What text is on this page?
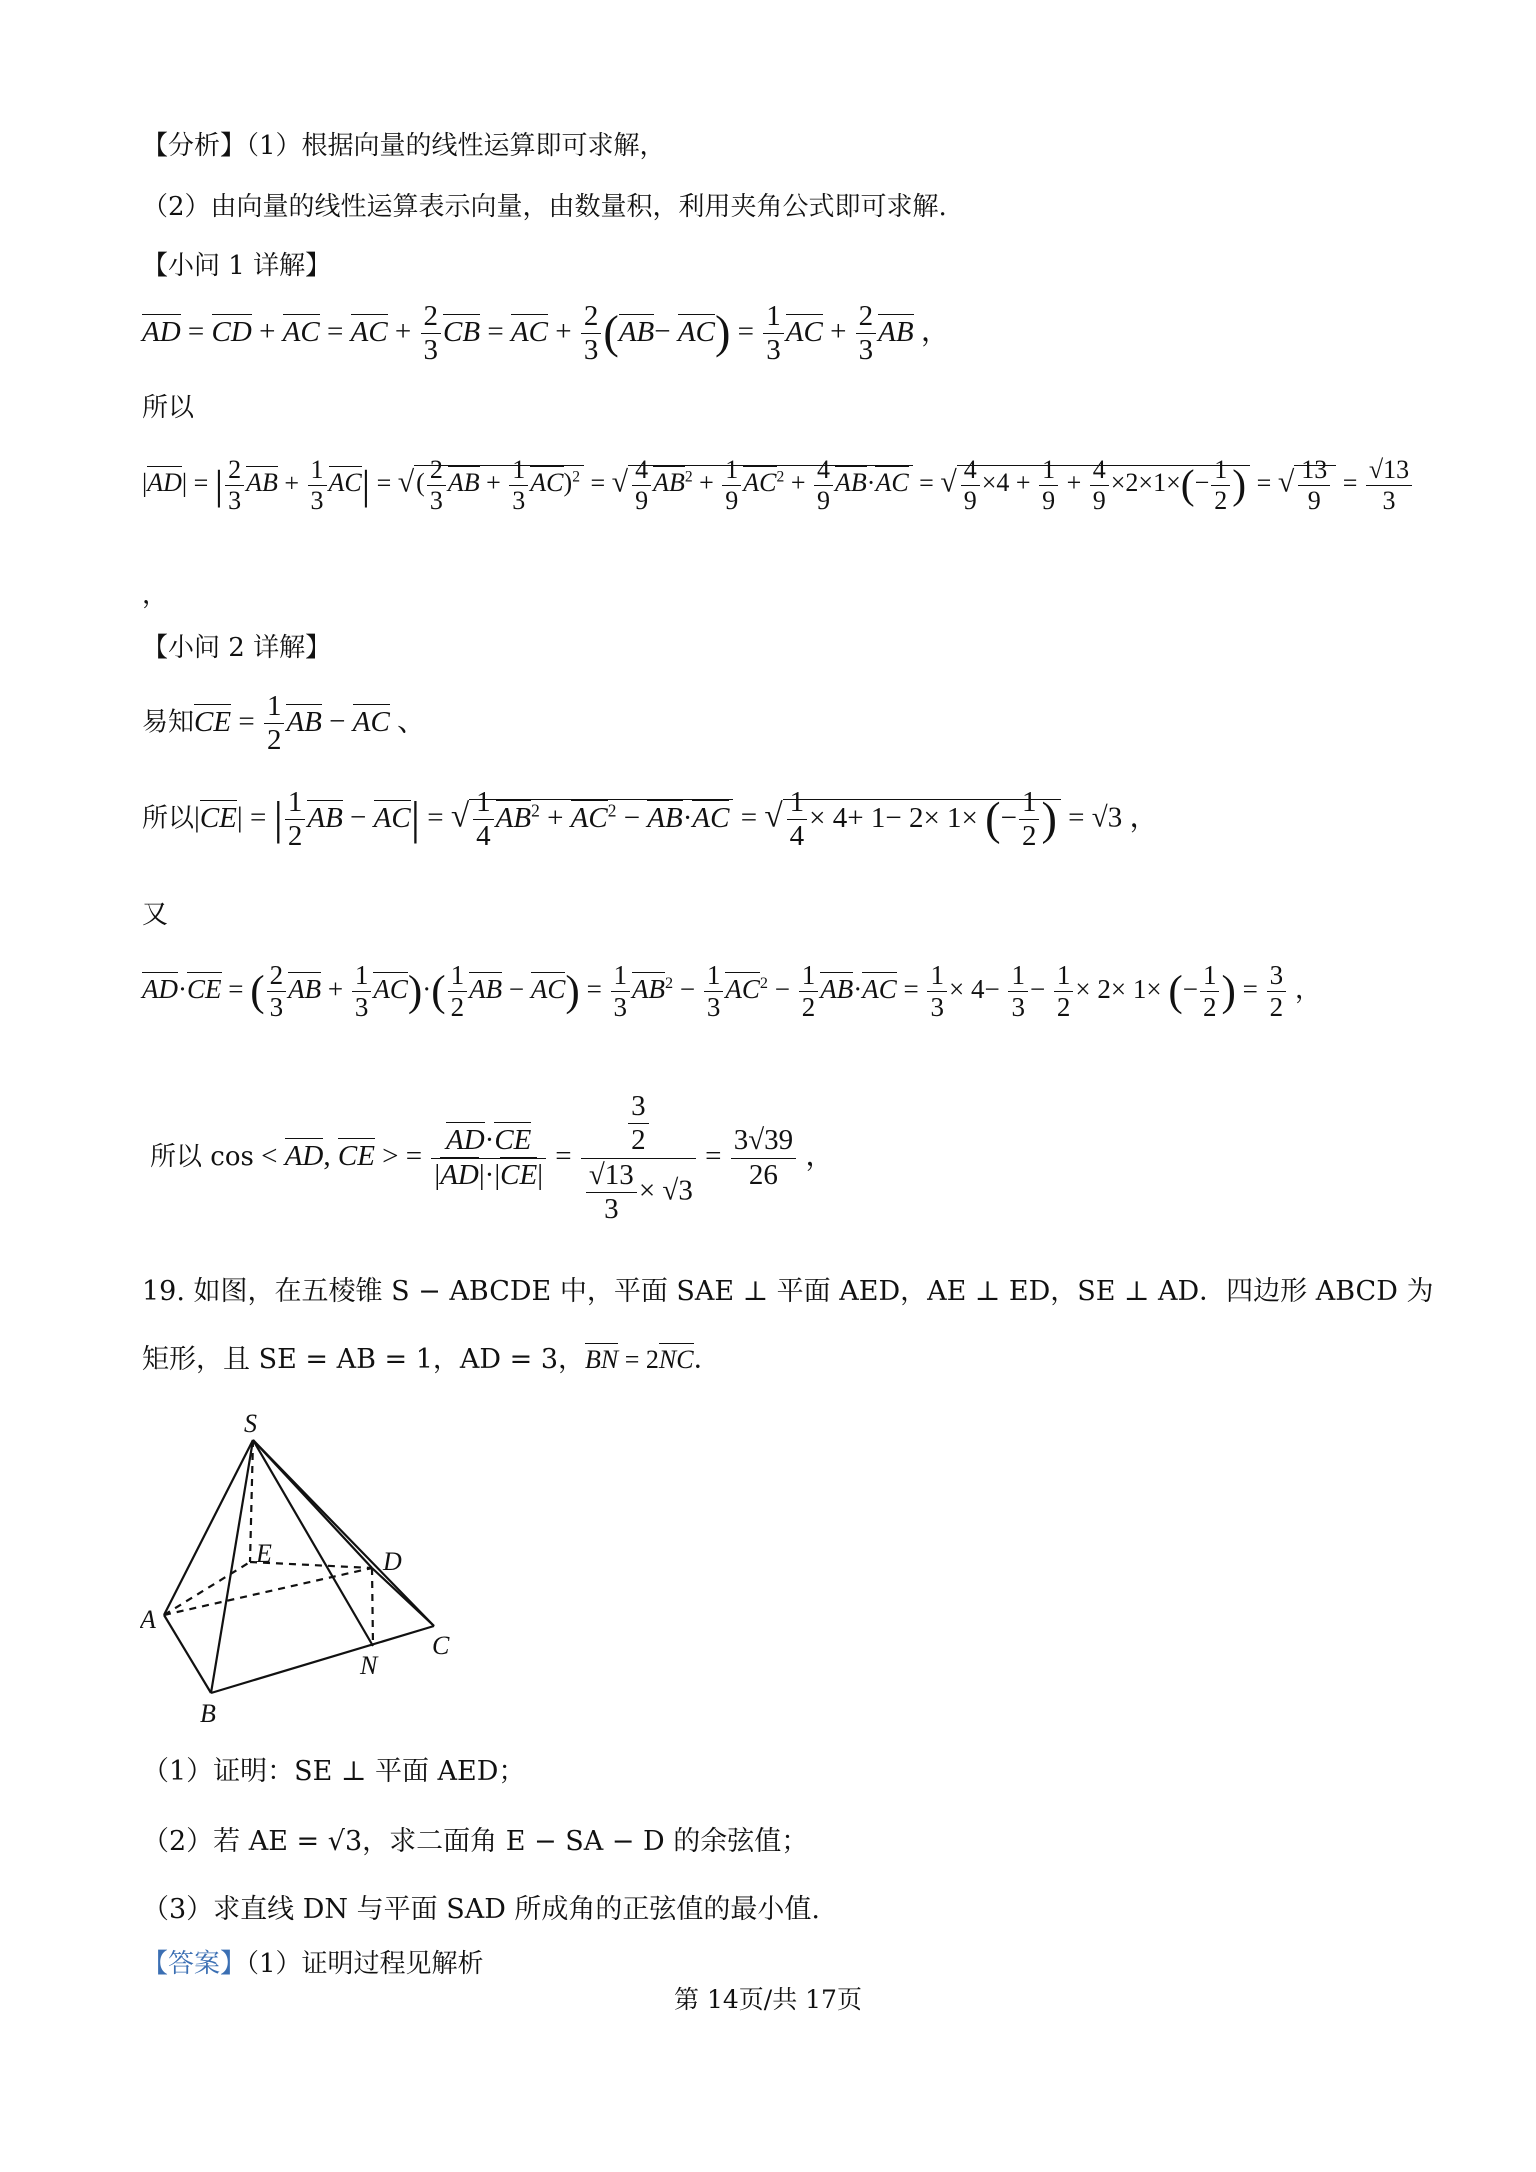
【分析】（1）根据向量的线性运算即可求解，
（2）由向量的线性运算表示向量，由数量积，利用夹角公式即可求解.
【小问 1 详解】
AD = CD + AC = AC + $\frac{2}{3}$ CB = AC + $\frac{2}{3} (AB- AC) = \frac{1}{3}$ AC + $\frac{2}{3}$ AB ，
所以
|AD| = | $\frac{2}{3}$ AB + $\frac{1}{3} AC|$ = √( $\frac{2}{3}$ AB + $\frac{1}{3} AC)^2$ = √ $\frac{4}{9} AB^2 + \frac{1}{9} AC^2 + \frac{4}{9} AB\cdot AC$ = √ $\frac{4}{9} \times 4 + \frac{1}{9} + \frac{4}{9} \times 2\times 1\times(- \frac{1}{2}$ ) = √ $\frac{13}{9} = \frac{√13}{3}$
，
【小问 2 详解】
易知CE = $\frac{1}{2}$ AB − AC 、
所以|CE| = | $\frac{1}{2}$ AB − AC| = √ $\frac{1}{4} AB^2 + AC^2 - AB\cdot AC$ = √ $\frac{1}{4} \times 4+ 1- 2\times 1\times$ (− $\frac{1}{2}$ ) = √3 ，
又
AD·CE = ( $\frac{2}{3}$ AB + $\frac{1}{3} AC)\cdot( \frac{1}{2}$ AB − $AC) = \frac{1}{3} AB^2 - \frac{1}{3} AC^2 - \frac{1}{2} AB\cdot AC = \frac{1}{3} \times 4- \frac{1}{3} - \frac{1}{2} \times 2\times 1\times$ (− $\frac{1}{2}$ ) = $\frac{3}{2}$ ，
所以 cos < AD, CE > = $\frac{AD\cdot CE}{|AD|\cdot|CE|} = \frac{\frac{3}{2}}{\frac{√13}{3} \times √3} = \frac{3√39}{26}$ ，
19. 如图，在五棱锥 S − ABCDE 中，平面 SAE ⊥ 平面 AED，AE ⊥ ED，SE ⊥ AD．四边形 ABCD 为
矩形，且 SE = AB = 1，AD = 3，BN = 2NC．
S
E	D
A
C
N
B
（1）证明：SE ⊥ 平面 AED；
（2）若 AE = √3，求二面角 E − SA − D 的余弦值；
（3）求直线 DN 与平面 SAD 所成角的正弦值的最小值.
【答案】（1）证明过程见解析
第 14页/共 17页
